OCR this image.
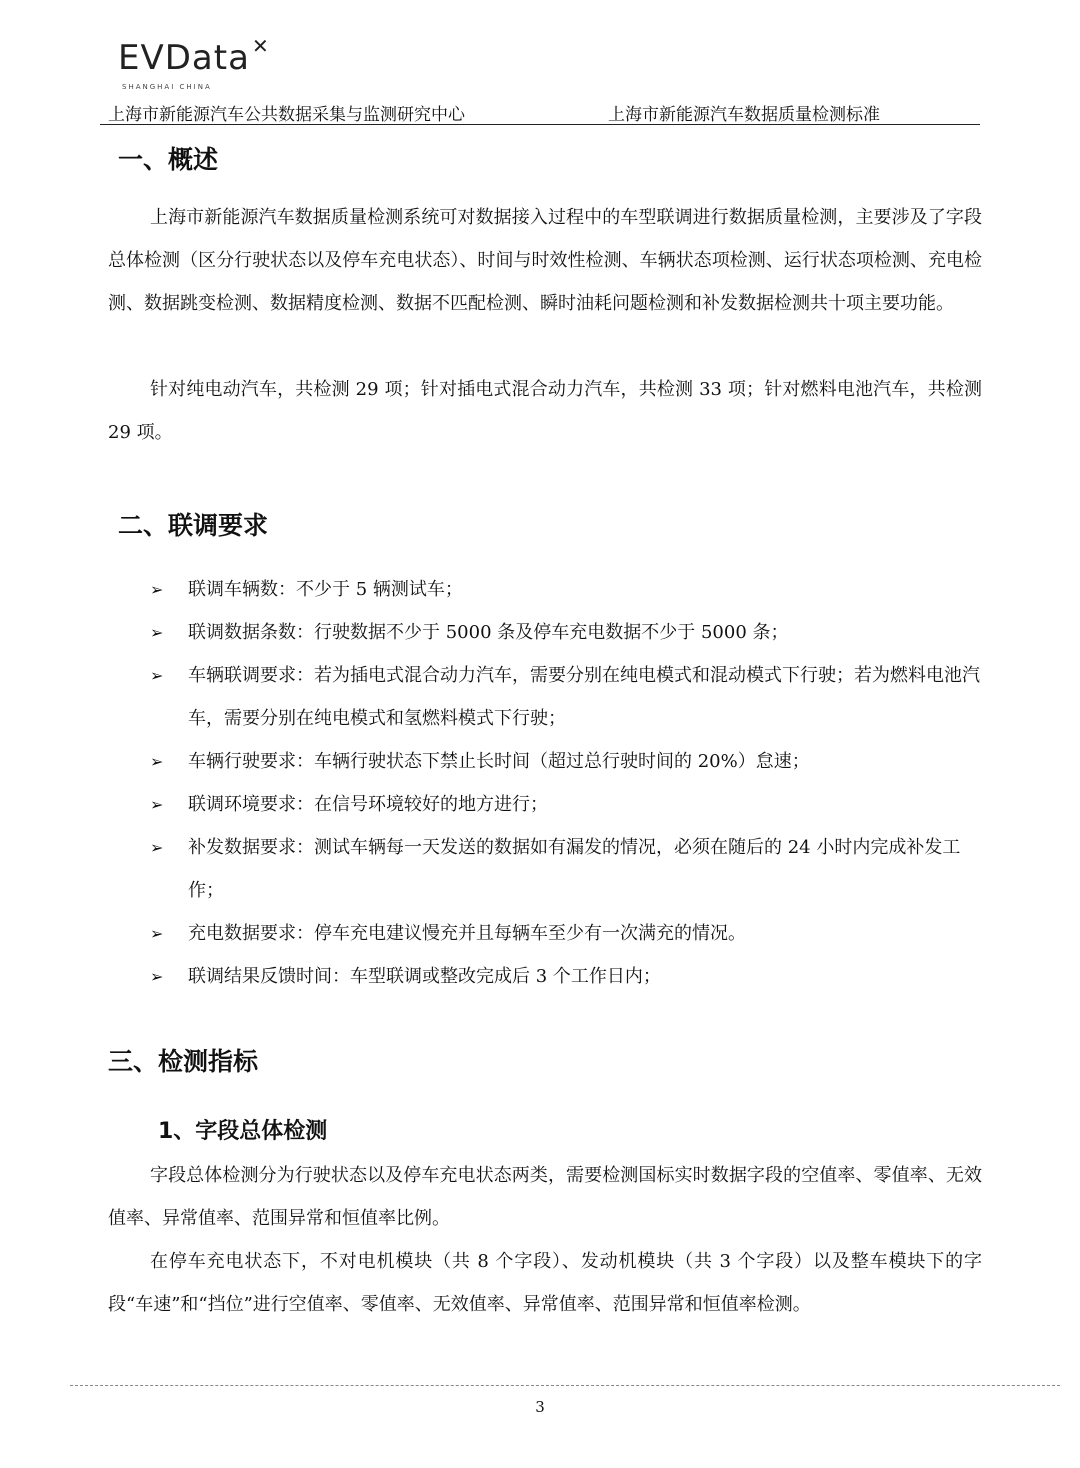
EVDatа ✕
SHANGHAI CHINA
上海市新能源汽车公共数据采集与监测研究中心	上海市新能源汽车数据质量检测标准
一、概述

上海市新能源汽车数据质量检测系统可对数据接入过程中的车型联调进行数据质量检测，主要涉及了字段总体检测（区分行驶状态以及停车充电状态）、时间与时效性检测、车辆状态项检测、运行状态项检测、充电检测、数据跳变检测、数据精度检测、数据不匹配检测、瞬时油耗问题检测和补发数据检测共十项主要功能。

针对纯电动汽车，共检测 29 项；针对插电式混合动力汽车，共检测 33 项；针对燃料电池汽车，共检测 29 项。

二、联调要求
➢ 联调车辆数：不少于 5 辆测试车；
➢ 联调数据条数：行驶数据不少于 5000 条及停车充电数据不少于 5000 条；
➢ 车辆联调要求：若为插电式混合动力汽车，需要分别在纯电模式和混动模式下行驶；若为燃料电池汽车，需要分别在纯电模式和氢燃料模式下行驶；
➢ 车辆行驶要求：车辆行驶状态下禁止长时间（超过总行驶时间的 20%）怠速；
➢ 联调环境要求：在信号环境较好的地方进行；
➢ 补发数据要求：测试车辆每一天发送的数据如有漏发的情况，必须在随后的 24 小时内完成补发工作；
➢ 充电数据要求：停车充电建议慢充并且每辆车至少有一次满充的情况。
➢ 联调结果反馈时间：车型联调或整改完成后 3 个工作日内；
三、检测指标
1、字段总体检测

字段总体检测分为行驶状态以及停车充电状态两类，需要检测国标实时数据字段的空值率、零值率、无效值率、异常值率、范围异常和恒值率比例。

在停车充电状态下，不对电机模块（共 8 个字段）、发动机模块（共 3 个字段）以及整车模块下的字段“车速”和“挡位”进行空值率、零值率、无效值率、异常值率、范围异常和恒值率检测。

3
